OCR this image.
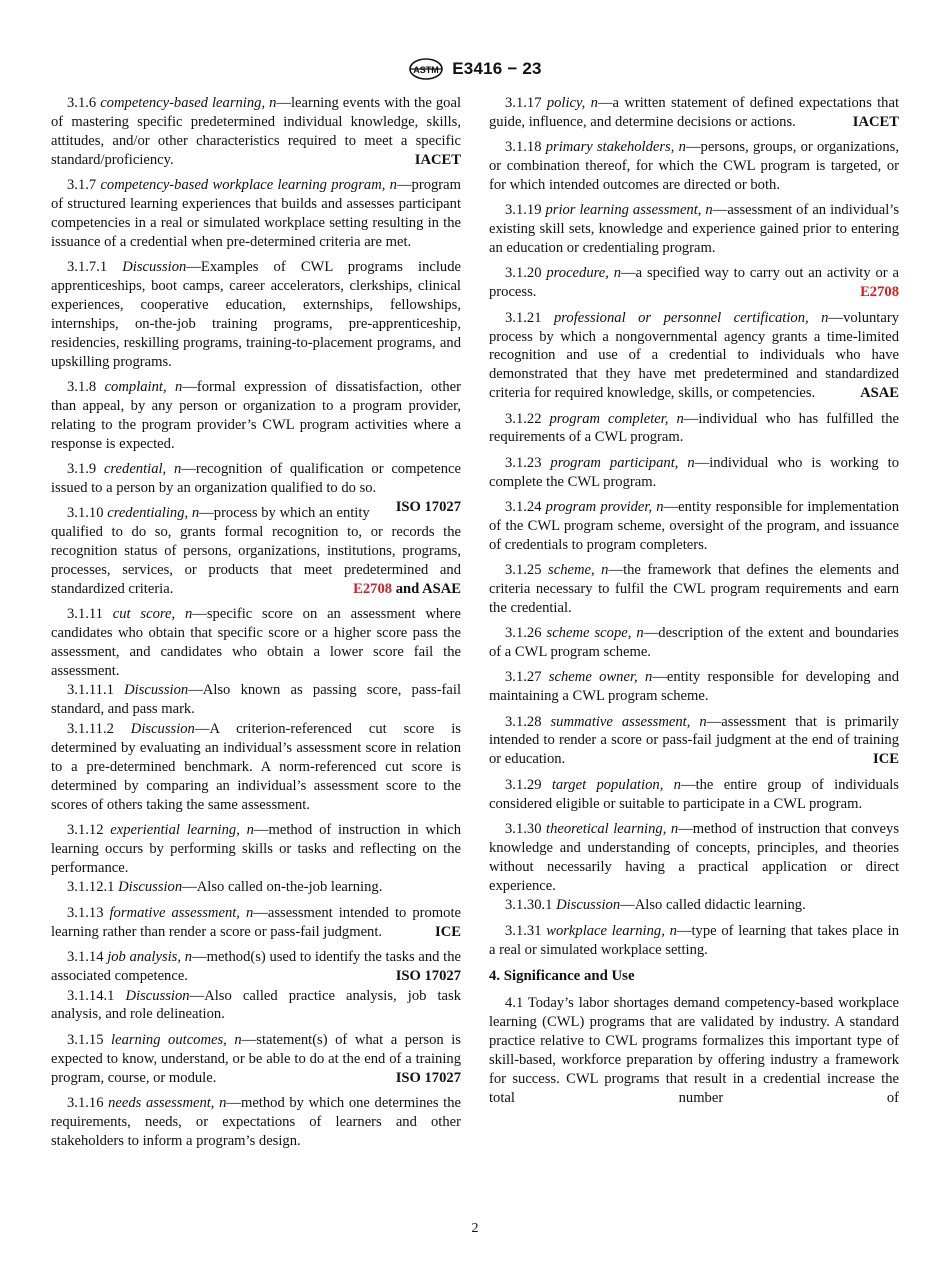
ASTM E3416 − 23

3.1.6 competency-based learning, n—learning events with the goal of mastering specific predetermined individual knowledge, skills, attitudes, and/or other characteristics required to meet a specific standard/proficiency.	IACET

3.1.7 competency-based workplace learning program, n—program of structured learning experiences that builds and assesses participant competencies in a real or simulated workplace setting resulting in the issuance of a credential when pre-determined criteria are met.

3.1.7.1 Discussion—Examples of CWL programs include apprenticeships, boot camps, career accelerators, clerkships, clinical experiences, cooperative education, externships, fellowships, internships, on-the-job training programs, pre-apprenticeship, residencies, reskilling programs, training-to-placement programs, and upskilling programs.

3.1.8 complaint, n—formal expression of dissatisfaction, other than appeal, by any person or organization to a program provider, relating to the program provider’s CWL program activities where a response is expected.

3.1.9 credential, n—recognition of qualification or competence issued to a person by an organization qualified to do so.
ISO 17027

3.1.10 credentialing, n—process by which an entity qualified to do so, grants formal recognition to, or records the recognition status of persons, organizations, institutions, programs, processes, services, or products that meet predetermined and standardized criteria.	E2708 and ASAE

3.1.11 cut score, n—specific score on an assessment where candidates who obtain that specific score or a higher score pass the assessment, and candidates who obtain a lower score fail the assessment.

3.1.11.1 Discussion—Also known as passing score, pass-fail standard, and pass mark.

3.1.11.2 Discussion—A criterion-referenced cut score is determined by evaluating an individual’s assessment score in relation to a pre-determined benchmark. A norm-referenced cut score is determined by comparing an individual’s assessment score to the scores of others taking the same assessment.

3.1.12 experiential learning, n—method of instruction in which learning occurs by performing skills or tasks and reflecting on the performance.

3.1.12.1 Discussion—Also called on-the-job learning.

3.1.13 formative assessment, n—assessment intended to promote learning rather than render a score or pass-fail judgment.	ICE

3.1.14 job analysis, n—method(s) used to identify the tasks and the associated competence.	ISO 17027

3.1.14.1 Discussion—Also called practice analysis, job task analysis, and role delineation.

3.1.15 learning outcomes, n—statement(s) of what a person is expected to know, understand, or be able to do at the end of a training program, course, or module.	ISO 17027

3.1.16 needs assessment, n—method by which one determines the requirements, needs, or expectations of learners and other stakeholders to inform a program’s design.

3.1.17 policy, n—a written statement of defined expectations that guide, influence, and determine decisions or actions.	IACET

3.1.18 primary stakeholders, n—persons, groups, or organizations, or combination thereof, for which the CWL program is targeted, or for which intended outcomes are directed or both.

3.1.19 prior learning assessment, n—assessment of an individual’s existing skill sets, knowledge and experience gained prior to entering an education or credentialing program.

3.1.20 procedure, n—a specified way to carry out an activity or a process.	E2708

3.1.21 professional or personnel certification, n—voluntary process by which a nongovernmental agency grants a time-limited recognition and use of a credential to individuals who have demonstrated that they have met predetermined and standardized criteria for required knowledge, skills, or competencies.	ASAE

3.1.22 program completer, n—individual who has fulfilled the requirements of a CWL program.

3.1.23 program participant, n—individual who is working to complete the CWL program.

3.1.24 program provider, n—entity responsible for implementation of the CWL program scheme, oversight of the program, and issuance of credentials to program completers.

3.1.25 scheme, n—the framework that defines the elements and criteria necessary to fulfil the CWL program requirements and earn the credential.

3.1.26 scheme scope, n—description of the extent and boundaries of a CWL program scheme.

3.1.27 scheme owner, n—entity responsible for developing and maintaining a CWL program scheme.

3.1.28 summative assessment, n—assessment that is primarily intended to render a score or pass-fail judgment at the end of training or education.	ICE

3.1.29 target population, n—the entire group of individuals considered eligible or suitable to participate in a CWL program.

3.1.30 theoretical learning, n—method of instruction that conveys knowledge and understanding of concepts, principles, and theories without necessarily having a practical application or direct experience.

3.1.30.1 Discussion—Also called didactic learning.

3.1.31 workplace learning, n—type of learning that takes place in a real or simulated workplace setting.

4. Significance and Use

4.1 Today’s labor shortages demand competency-based workplace learning (CWL) programs that are validated by industry. A standard practice relative to CWL programs formalizes this important type of skill-based, workforce preparation by offering industry a framework for success. CWL programs that result in a credential increase the total number of

2
